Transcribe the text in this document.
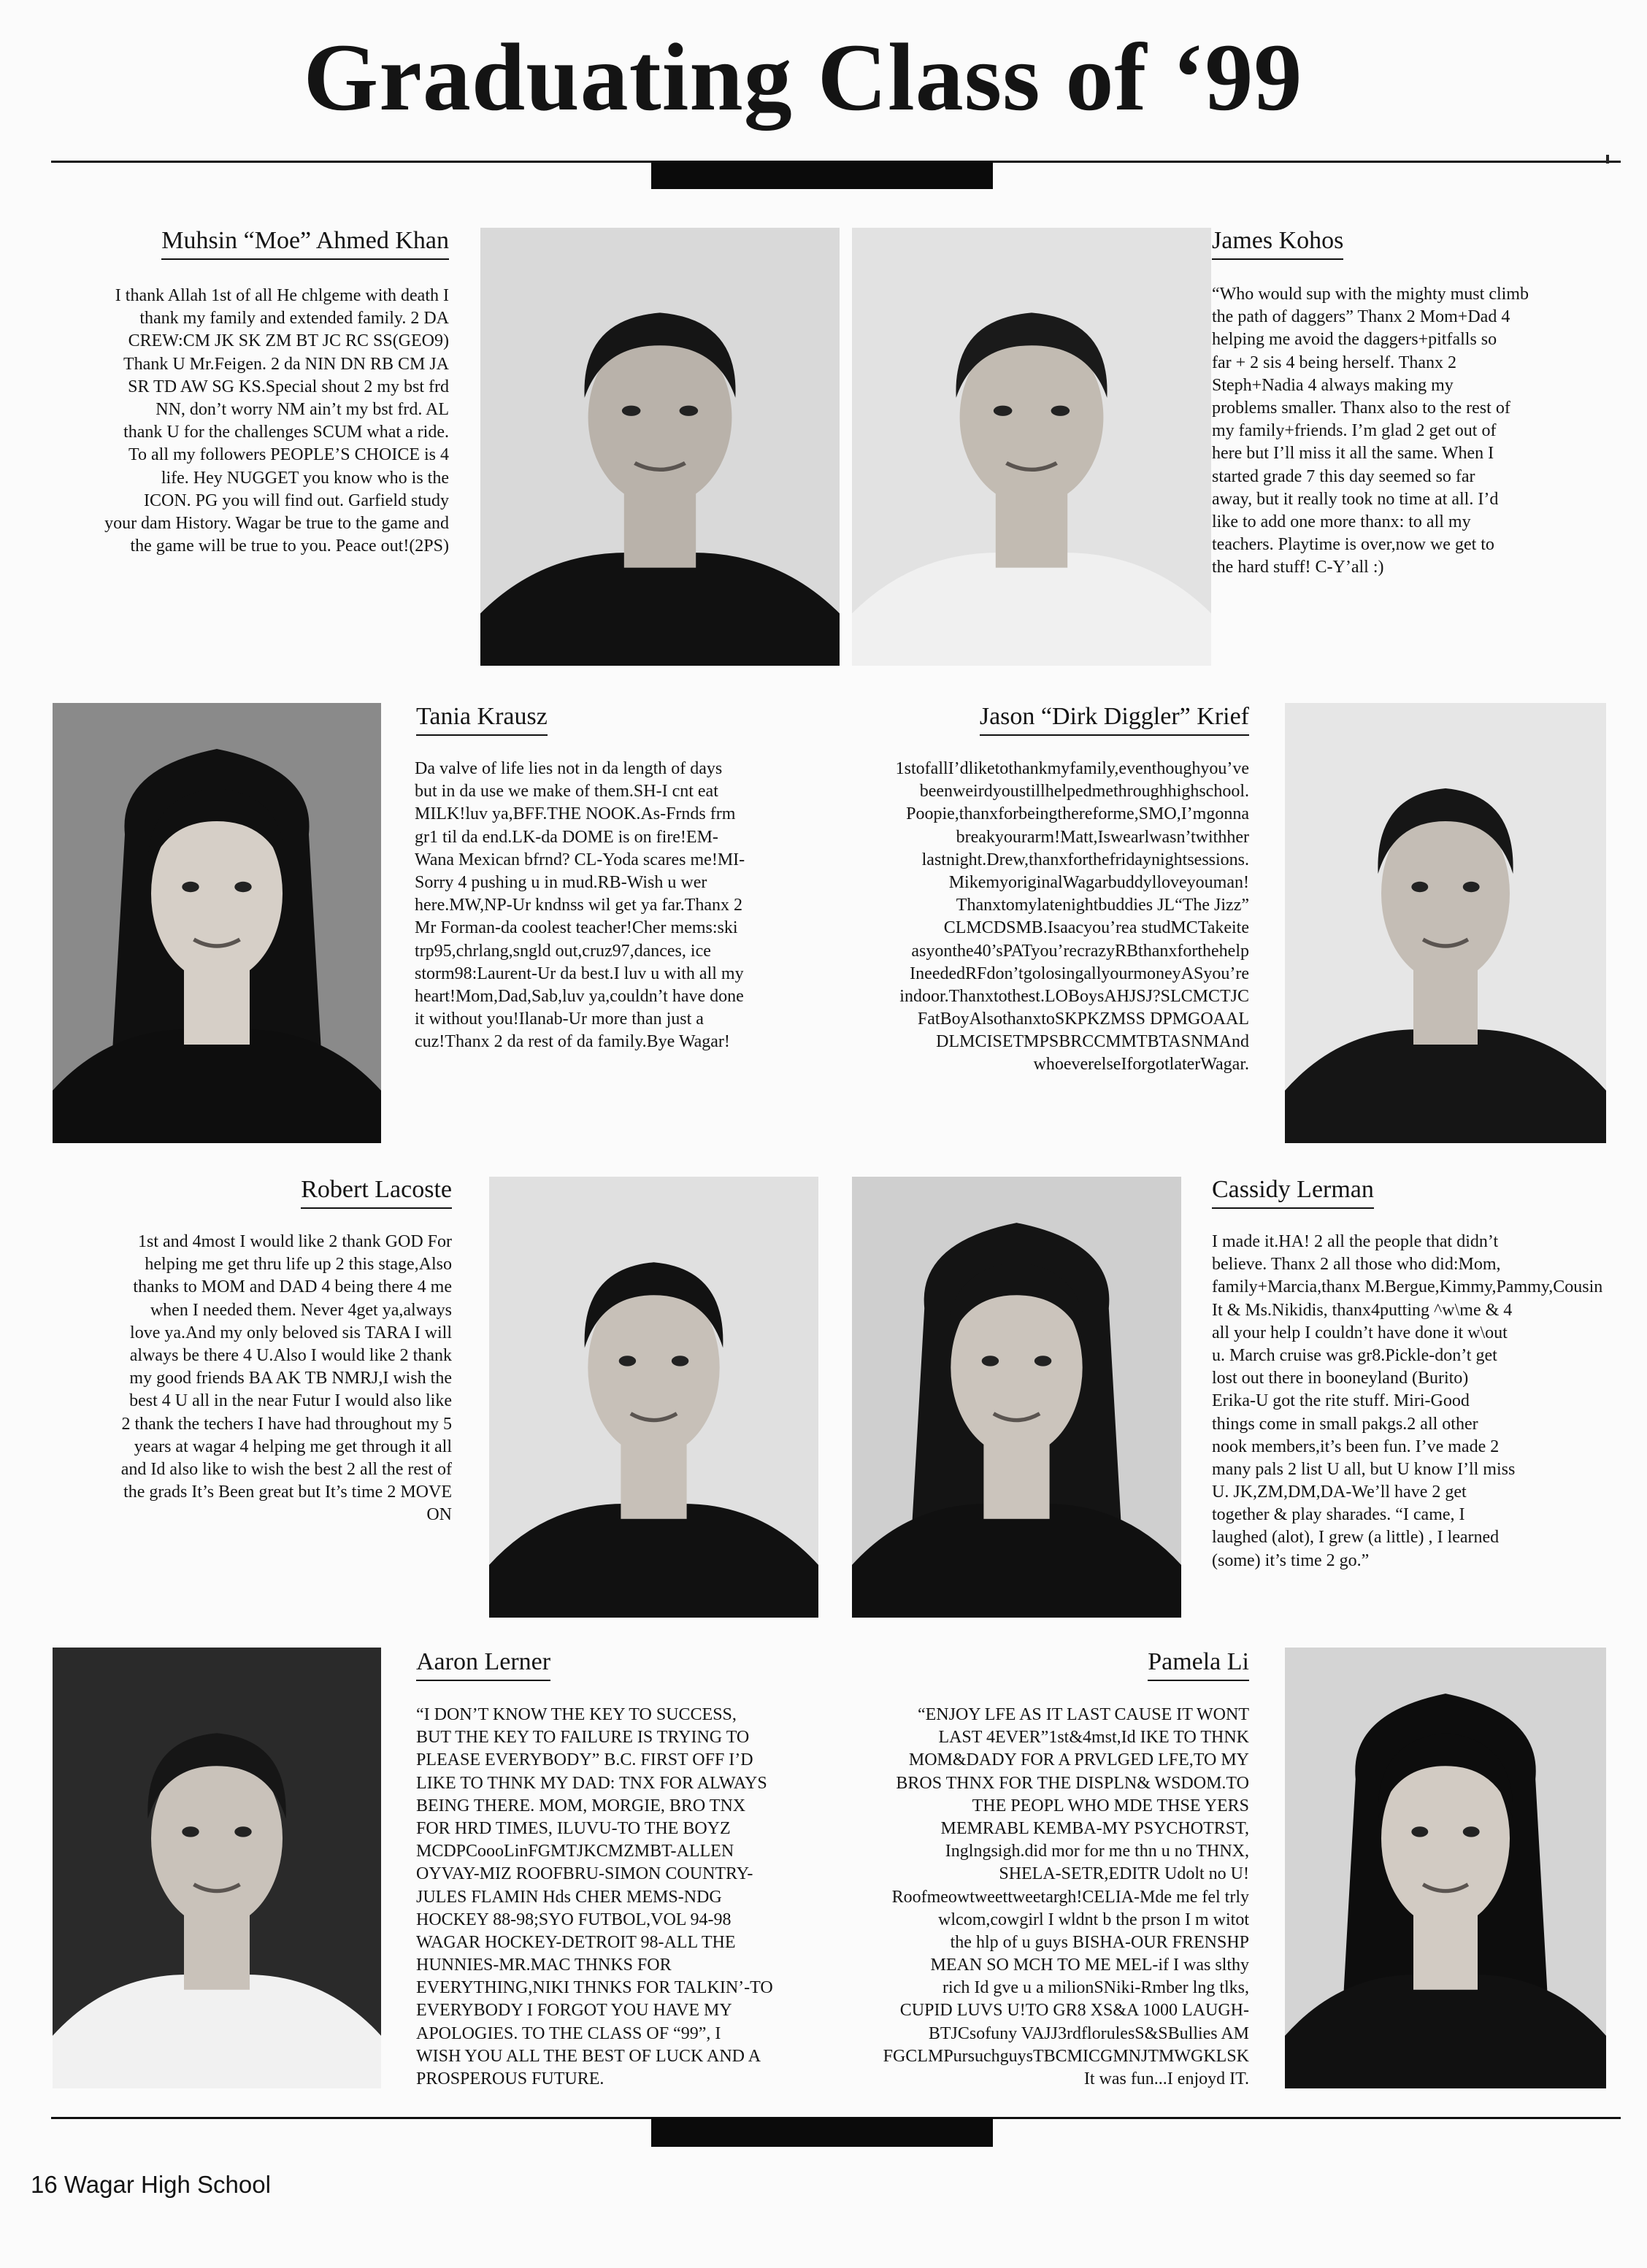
Graduating Class of ‘99
Muhsin “Moe” Ahmed Khan
I thank Allah 1st of all He chlgeme with death I
thank my family and extended family. 2 DA
CREW:CM JK SK ZM BT JC RC SS(GEO9)
Thank U Mr.Feigen. 2 da NIN DN RB CM JA
SR TD AW SG KS.Special shout 2 my bst frd
NN, don’t worry NM ain’t my bst frd. AL
thank U for the challenges SCUM what a ride.
To all my followers PEOPLE’S CHOICE is 4
life. Hey NUGGET you know who is the
ICON. PG you will find out. Garfield study
your dam History. Wagar be true to the game and
the game will be true to you. Peace out!(2PS)
James Kohos
“Who would sup with the mighty must climb
the path of daggers” Thanx 2 Mom+Dad 4
helping me avoid the daggers+pitfalls so
far + 2 sis 4 being herself. Thanx 2
Steph+Nadia 4 always making my
problems smaller. Thanx also to the rest of
my family+friends. I’m glad 2 get out of
here but I’ll miss it all the same. When I
started grade 7 this day seemed so far
away, but it really took no time at all. I’d
like to add one more thanx: to all my
teachers. Playtime is over,now we get to
the hard stuff! C-Y’all :)
Tania Krausz
Da valve of life lies not in da length of days
but in da use we make of them.SH-I cnt eat
MILK!luv ya,BFF.THE NOOK.As-Frnds frm
gr1 til da end.LK-da DOME is on fire!EM-
Wana Mexican bfrnd? CL-Yoda scares me!MI-
Sorry 4 pushing u in mud.RB-Wish u wer
here.MW,NP-Ur kndnss wil get ya far.Thanx 2
Mr Forman-da coolest teacher!Cher mems:ski
trp95,chrlang,sngld out,cruz97,dances, ice
storm98:Laurent-Ur da best.I luv u with all my
heart!Mom,Dad,Sab,luv ya,couldn’t have done
it without you!Ilanab-Ur more than just a
cuz!Thanx 2 da rest of da family.Bye Wagar!
Jason “Dirk Diggler” Krief
1stofallI’dliketothankmyfamily,eventhoughyou’ve
beenweirdyoustillhelpedmethroughhighschool.
Poopie,thanxforbeingthereforme,SMO,I’mgonna
breakyourarm!Matt,Iswearlwasn’twithher
lastnight.Drew,thanxforthefridaynightsessions.
MikemyoriginalWagarbuddylloveyouman!
Thanxtomylatenightbuddies JL“The Jizz”
CLMCDSMB.Isaacyou’rea studMCTakeite
asyonthe40’sPATyou’recrazyRBthanxforthehelp
IneededRFdon’tgolosingallyourmoneyASyou’re
indoor.Thanxtothest.LOBoysAHJSJ?SLCMCTJC
FatBoyAlsothanxtoSKPKZMSS DPMGOAAL
DLMCISETMPSBRCCMMTBTASNMAnd
whoeverelseIforgotlaterWagar.
Robert Lacoste
1st and 4most I would like 2 thank GOD For
helping me get thru life up 2 this stage,Also
thanks to MOM and DAD 4 being there 4 me
when I needed them. Never 4get ya,always
love ya.And my only beloved sis TARA I will
always be there 4 U.Also I would like 2 thank
my good friends BA AK TB NMRJ,I wish the
best 4 U all in the near Futur I would also like
2 thank the techers I have had throughout my 5
years at wagar 4 helping me get through it all
and Id also like to wish the best 2 all the rest of
the grads It’s Been great but It’s time 2 MOVE
ON
Cassidy Lerman
I made it.HA! 2 all the people that didn’t
believe. Thanx 2 all those who did:Mom,
family+Marcia,thanx M.Bergue,Kimmy,Pammy,Cousin
It & Ms.Nikidis, thanx4putting ^w\me & 4
all your help I couldn’t have done it w\out
u. March cruise was gr8.Pickle-don’t get
lost out there in booneyland (Burito)
Erika-U got the rite stuff. Miri-Good
things come in small pakgs.2 all other
nook members,it’s been fun. I’ve made 2
many pals 2 list U all, but U know I’ll miss
U. JK,ZM,DM,DA-We’ll have 2 get
together & play sharades. “I came, I
laughed (alot), I grew (a little) , I learned
(some) it’s time 2 go.”
Aaron Lerner
“I DON’T KNOW THE KEY TO SUCCESS,
BUT THE KEY TO FAILURE IS TRYING TO
PLEASE EVERYBODY” B.C. FIRST OFF I’D
LIKE TO THNK MY DAD: TNX FOR ALWAYS
BEING THERE. MOM, MORGIE, BRO TNX
FOR HRD TIMES, ILUVU-TO THE BOYZ
MCDPCoooLinFGMTJKCMZMBT-ALLEN
OYVAY-MIZ ROOFBRU-SIMON COUNTRY-
JULES FLAMIN Hds CHER MEMS-NDG
HOCKEY 88-98;SYO FUTBOL,VOL 94-98
WAGAR HOCKEY-DETROIT 98-ALL THE
HUNNIES-MR.MAC THNKS FOR
EVERYTHING,NIKI THNKS FOR TALKIN’-TO
EVERYBODY I FORGOT YOU HAVE MY
APOLOGIES. TO THE CLASS OF “99”, I
WISH YOU ALL THE BEST OF LUCK AND A
PROSPEROUS FUTURE.
Pamela Li
“ENJOY LFE AS IT LAST CAUSE IT WONT
LAST 4EVER”1st&4mst,Id IKE TO THNK
MOM&DADY FOR A PRVLGED LFE,TO MY
BROS THNX FOR THE DISPLN& WSDOM.TO
THE PEOPL WHO MDE THSE YERS
MEMRABL KEMBA-MY PSYCHOTRST,
Inglngsigh.did mor for me thn u no THNX,
SHELA-SETR,EDITR Udolt no U!
Roofmeowtweettweetargh!CELIA-Mde me fel trly
wlcom,cowgirl I wldnt b the prson I m witot
the hlp of u guys BISHA-OUR FRENSHP
MEAN SO MCH TO ME MEL-if I was slthy
rich Id gve u a milionSNiki-Rmber lng tlks,
CUPID LUVS U!TO GR8 XS&A 1000 LAUGH-
BTJCsofuny VAJJ3rdflorulesS&SBullies AM
FGCLMPursuchguysTBCMICGMNJTMWGKLSK
It was fun...I enjoyd IT.
16 Wagar High School
